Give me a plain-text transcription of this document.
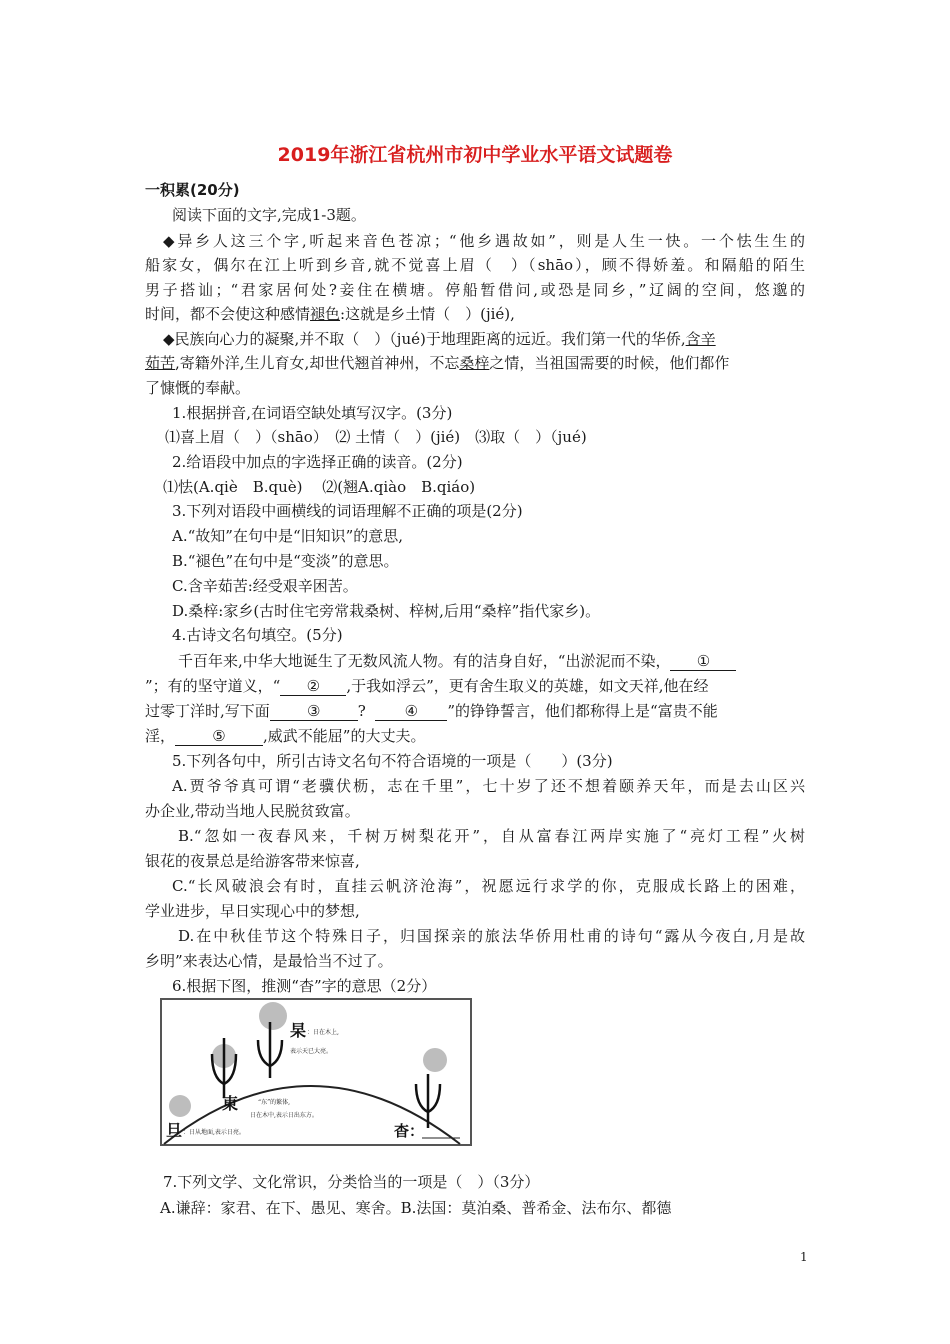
2019年浙江省杭州市初中学业水平语文试题卷
一积累(20分)
阅读下面的文字,完成1-3题。
◆异乡人这三个字,听起来音色苍凉；“他乡遇故如”，则是人生一快。一个怯生生的
船家女，偶尔在江上听到乡音,就不觉喜上眉（　）（shāo），顾不得娇羞。和隔船的陌生
男子搭讪；“君家居何处?妾住在横塘。停船暂借问,或恐是同乡，”辽阔的空间，悠邈的
时间，都不会使这种感情褪色:这就是乡土情（　）(jié),
◆民族向心力的凝聚,并不取（　）（jué)于地理距离的远近。我们第一代的华侨,含辛
茹苦,寄籍外洋,生儿育女,却世代翘首神州，不忘桑梓之情，当祖国需要的时候，他们都作
了慷慨的奉献。
1.根据拼音,在词语空缺处填写汉字。(3分)
⑴喜上眉（　）（shāo）　⑵ 土情（　）(jié)　⑶取（　）（jué)
2.给语段中加点的字选择正确的读音。(2分)
⑴怯(A.qiè　B.què)　 ⑵(翘A.qiào　B.qiáo)
3.下列对语段中画横线的词语理解不正确的项是(2分)
A.“故知”在句中是“旧知识”的意思,
B.“褪色”在句中是“变淡”的意思。
C.含辛茹苦:经受艰辛困苦。
D.桑梓:家乡(古时住宅旁常栽桑树、梓树,后用“桑梓”指代家乡)。
4.古诗文名句填空。(5分)
千百年来,中华大地诞生了无数风流人物。有的洁身自好，“出淤泥而不染， ①
”；有的坚守道义，“ ② ,于我如浮云”，更有舍生取义的英雄，如文天祥,他在经
过零丁洋时,写下面 ③ ?	④ ”的铮铮誓言，他们都称得上是“富贵不能
淫， ⑤ ,威武不能屈”的大丈夫。
5.下列各句中，所引古诗文名句不符合语境的一项是（　　）(3分)
A.贾爷爷真可谓“老骥伏枥，志在千里”，七十岁了还不想着颐养天年，而是去山区兴
办企业,带动当地人民脱贫致富。
B.“忽如一夜春风来，千树万树梨花开”，自从富春江两岸实施了“亮灯工程”火树
银花的夜景总是给游客带来惊喜,
C.“长风破浪会有时，直挂云帆济沧海”，祝愿远行求学的你，克服成长路上的困难，
学业进步，早日实现心中的梦想,
D.在中秋佳节这个特殊日子，归国探亲的旅法华侨用杜甫的诗句“露从今夜白,月是故
乡明”来表达心情，是最恰当不过了。
6.根据下图，推测“杳”字的意思（2分）
杲 ：日在木上,
表示天已大亮。
東	“东”的繁体,
日在木中,表示日出东方。
旦 ：日从地面,表示日亮。	杳：
7.下列文学、文化常识，分类恰当的一项是（　）（3分）
A.谦辞：家君、在下、愚见、寒舍。B.法国：莫泊桑、普希金、法布尔、都德
1
